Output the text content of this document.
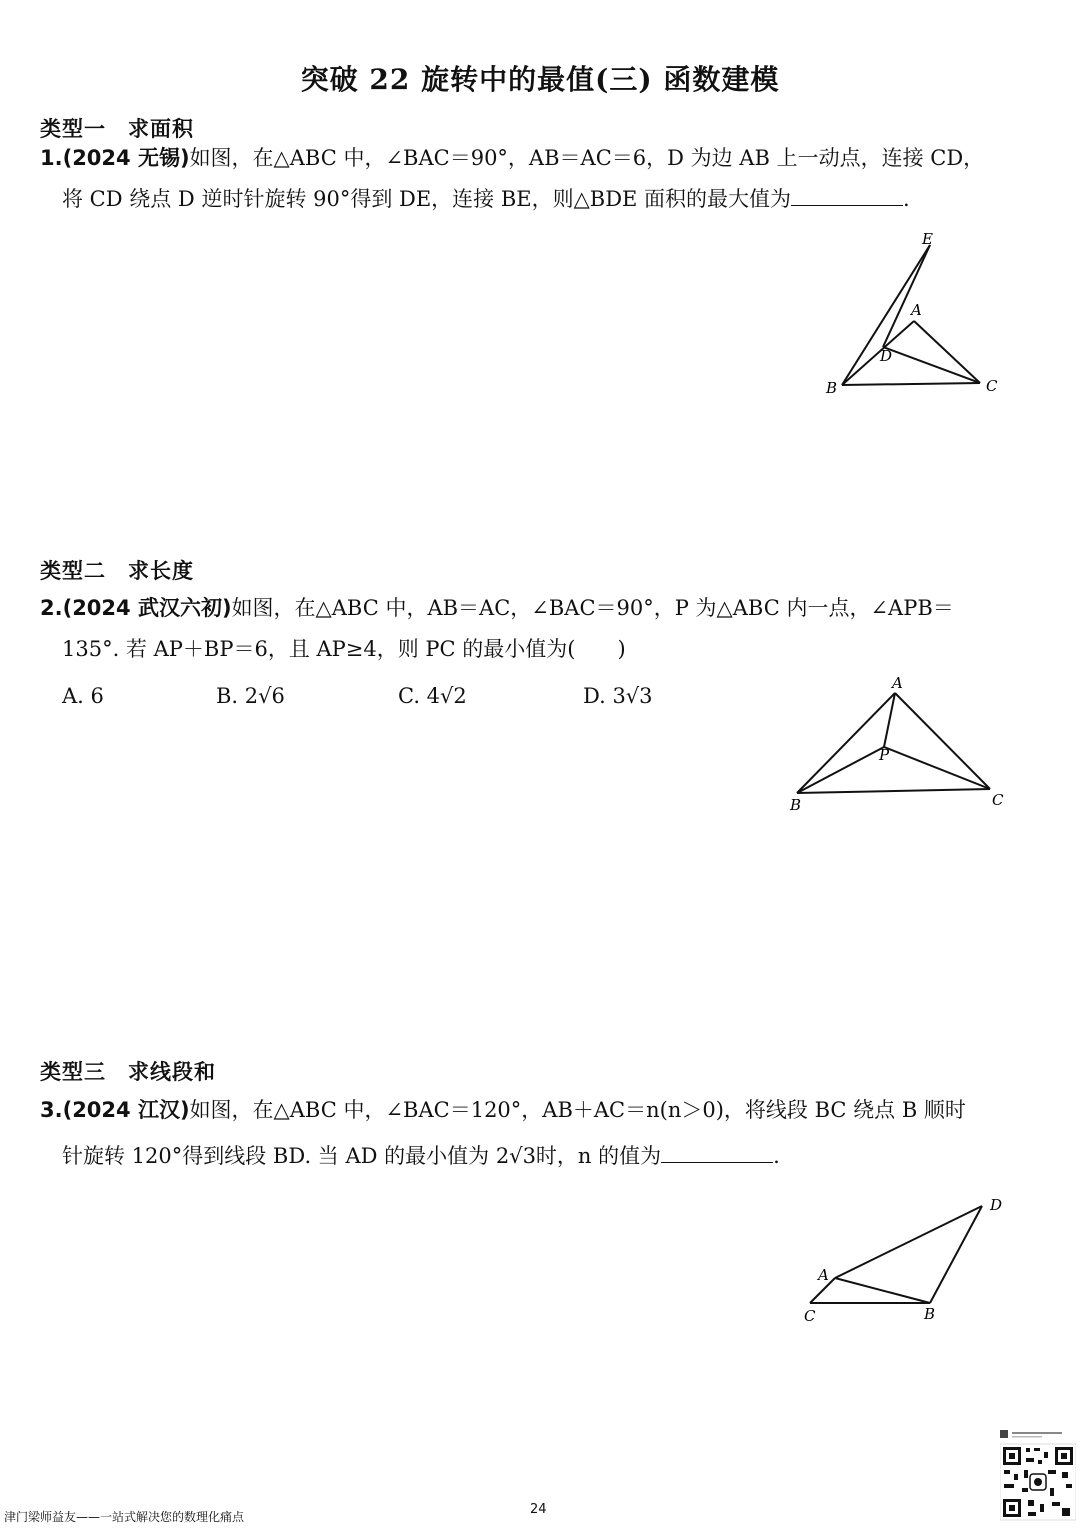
突破 22 旋转中的最值(三) 函数建模
类型一 求面积
1.(2024 无锡)如图，在△ABC 中，∠BAC＝90°，AB＝AC＝6，D 为边 AB 上一动点，连接 CD，
将 CD 绕点 D 逆时针旋转 90°得到 DE，连接 BE，则△BDE 面积的最大值为	.
E
A
D
B	C
类型二 求长度
2.(2024 武汉六初)如图，在△ABC 中，AB＝AC，∠BAC＝90°，P 为△ABC 内一点，∠APB＝
135°. 若 AP＋BP＝6，且 AP≥4，则 PC 的最小值为(　　)
A. 6	B. 2√6	C. 4√2	D. 3√3
A
P
B	C
类型三 求线段和
3.(2024 江汉)如图，在△ABC 中，∠BAC＝120°，AB＋AC＝n(n＞0)，将线段 BC 绕点 B 顺时
针旋转 120°得到线段 BD. 当 AD 的最小值为 2√3时，n 的值为	.
D
A
C	B
津门梁师益友——一站式解决您的数理化痛点	24
